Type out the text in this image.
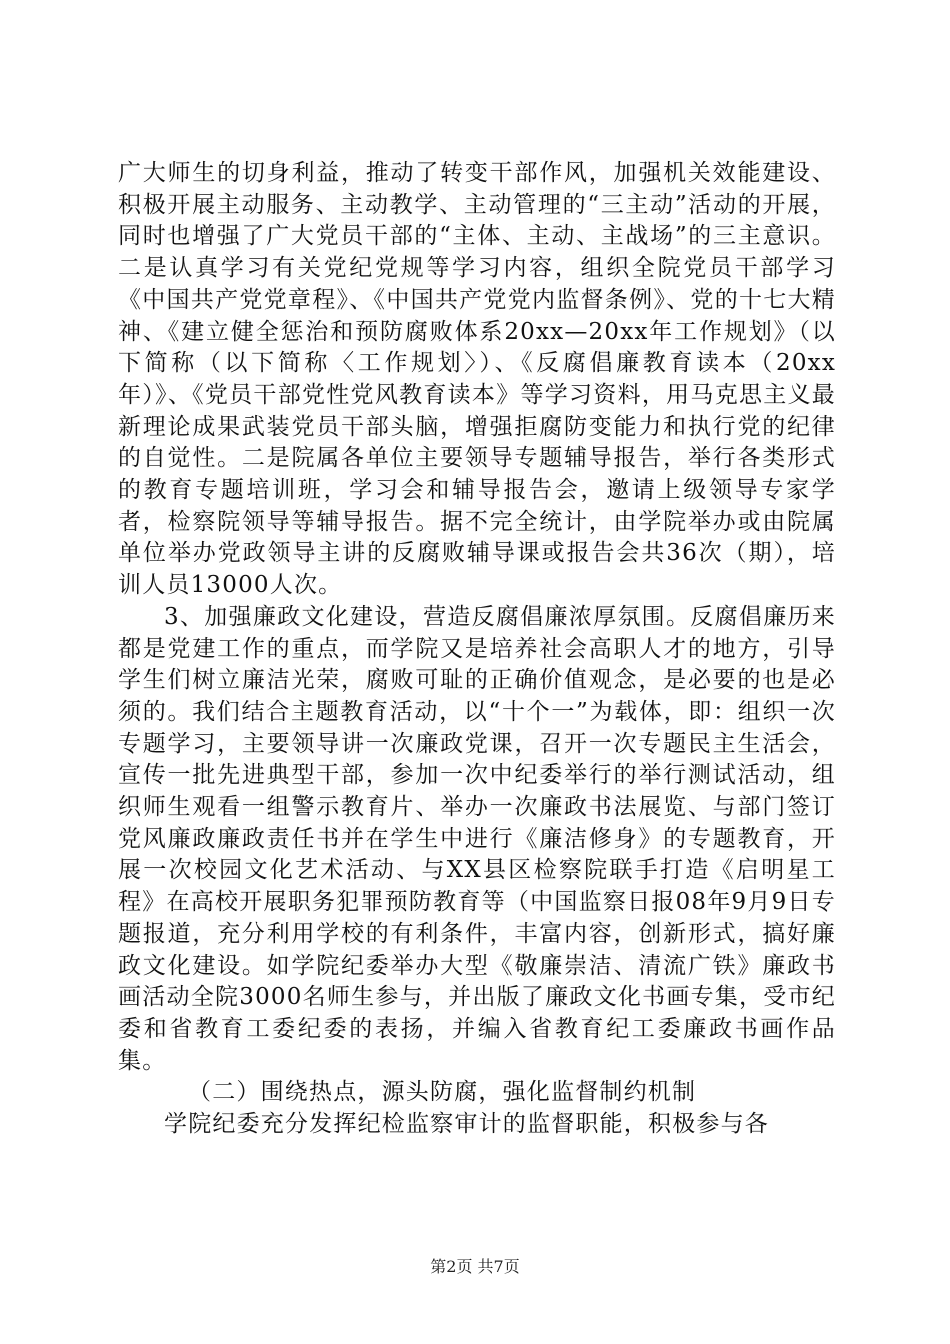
广大师生的切身利益，推动了转变干部作风，加强机关效能建设、积极开展主动服务、主动教学、主动管理的“三主动”活动的开展，同时也增强了广大党员干部的“主体、主动、主战场”的三主意识。二是认真学习有关党纪党规等学习内容，组织全院党员干部学习《中国共产党党章程》、《中国共产党党内监督条例》、党的十七大精神、《建立健全惩治和预防腐败体系20xx—20xx年工作规划》（以下简称（以下简称〈工作规划〉）、《反腐倡廉教育读本（20xx年）》、《党员干部党性党风教育读本》等学习资料，用马克思主义最新理论成果武装党员干部头脑，增强拒腐防变能力和执行党的纪律的自觉性。二是院属各单位主要领导专题辅导报告，举行各类形式的教育专题培训班，学习会和辅导报告会，邀请上级领导专家学者，检察院领导等辅导报告。据不完全统计，由学院举办或由院属单位举办党政领导主讲的反腐败辅导课或报告会共36次（期），培训人员13000人次。

3、加强廉政文化建设，营造反腐倡廉浓厚氛围。反腐倡廉历来都是党建工作的重点，而学院又是培养社会高职人才的地方，引导学生们树立廉洁光荣，腐败可耻的正确价值观念，是必要的也是必须的。我们结合主题教育活动，以“十个一”为载体，即：组织一次专题学习，主要领导讲一次廉政党课，召开一次专题民主生活会，宣传一批先进典型干部，参加一次中纪委举行的举行测试活动，组织师生观看一组警示教育片、举办一次廉政书法展览、与部门签订党风廉政廉政责任书并在学生中进行《廉洁修身》的专题教育，开展一次校园文化艺术活动、与XX县区检察院联手打造《启明星工程》在高校开展职务犯罪预防教育等（中国监察日报08年9月9日专题报道，充分利用学校的有利条件，丰富内容，创新形式，搞好廉政文化建设。如学院纪委举办大型《敬廉崇洁、清流广铁》廉政书画活动全院3000名师生参与，并出版了廉政文化书画专集，受市纪委和省教育工委纪委的表扬，并编入省教育纪工委廉政书画作品集。

（二）围绕热点，源头防腐，强化监督制约机制

学院纪委充分发挥纪检监察审计的监督职能，积极参与各

第2页 共7页
